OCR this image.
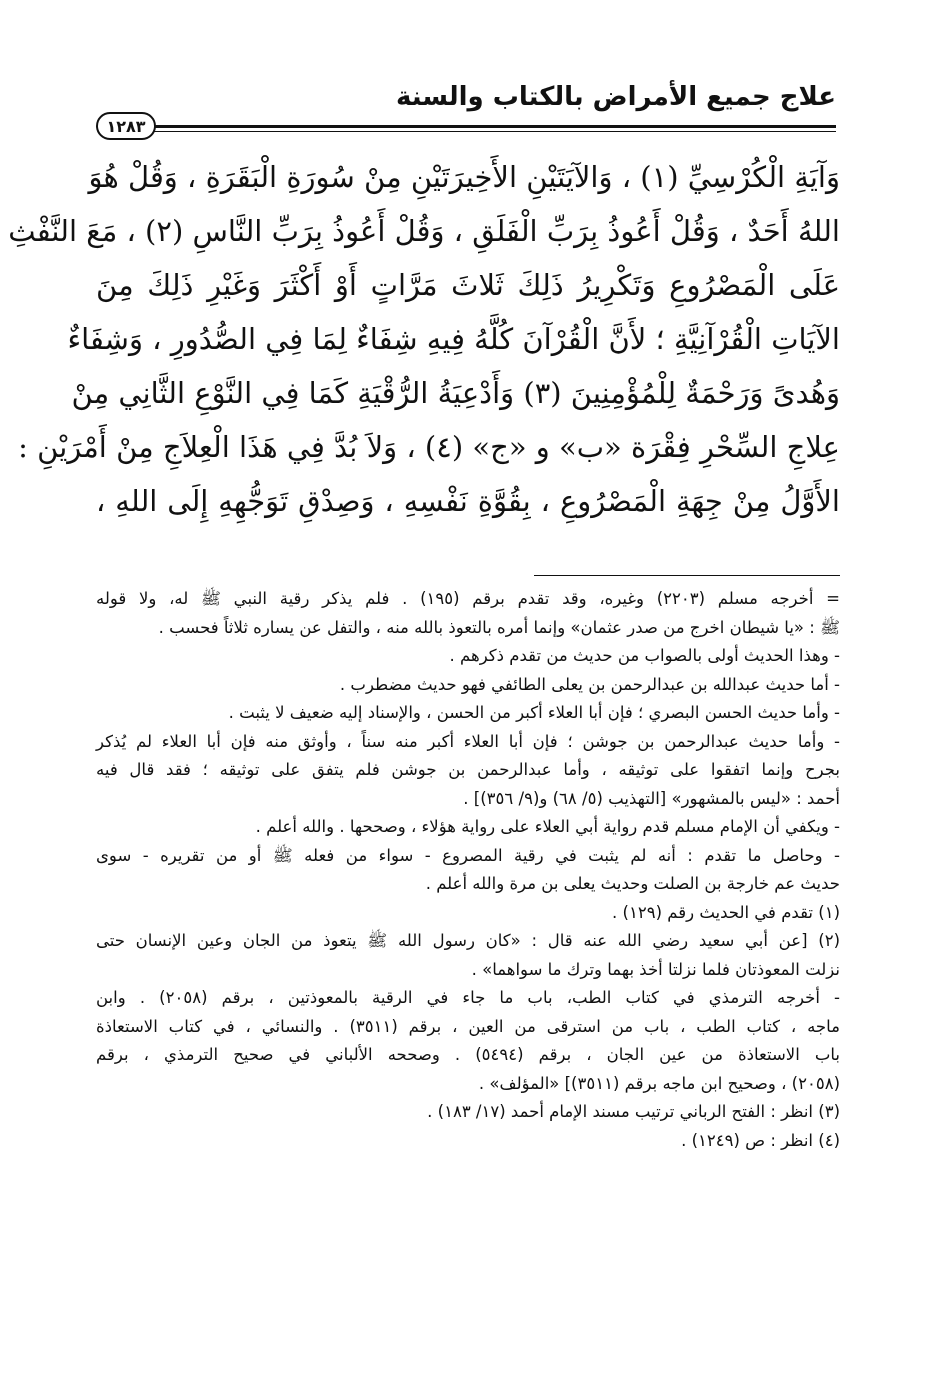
علاج جميع الأمراض بالكتاب والسنة
١٢٨٣
وَآيَةِ الْكُرْسِيِّ (١) ، وَالآيَتَيْنِ الأَخِيرَتَيْنِ مِنْ سُورَةِ الْبَقَرَةِ ، وَقُلْ هُوَ
اللهُ أَحَدٌ ، وَقُلْ أَعُوذُ بِرَبِّ الْفَلَقِ ، وَقُلْ أَعُوذُ بِرَبِّ النَّاسِ (٢) ، مَعَ النَّفْثِ
عَلَى الْمَصْرُوعِ وَتَكْرِيرُ ذَلِكَ ثَلاثَ مَرَّاتٍ أَوْ أَكْثَرَ وَغَيْرِ ذَلِكَ مِنَ
الآيَاتِ الْقُرْآنِيَّةِ ؛ لأَنَّ الْقُرْآنَ كُلَّهُ فِيهِ شِفَاءٌ لِمَا فِي الصُّدُورِ ، وَشِفَاءٌ
وَهُدىً وَرَحْمَةٌ لِلْمُؤْمِنِينَ (٣) وَأَدْعِيَةُ الرُّقْيَةِ كَمَا فِي النَّوْعِ الثَّانِي مِنْ
عِلاجِ السِّحْرِ فِقْرَة «ب» و «ج» (٤) ، وَلاَ بُدَّ فِي هَذَا الْعِلاَجِ مِنْ أَمْرَيْنِ :
الأَوَّلُ مِنْ جِهَةِ الْمَصْرُوعِ ، بِقُوَّةِ نَفْسِهِ ، وَصِدْقِ تَوَجُّهِهِ إِلَى اللهِ ،
= أخرجه مسلم (٢٢٠٣) وغيره، وقد تقدم برقم (١٩٥) . فلم يذكر رقية النبي ﷺ له، ولا قوله
ﷺ : «يا شيطان اخرج من صدر عثمان» وإنما أمره بالتعوذ بالله منه ، والتفل عن يساره ثلاثاً فحسب .
- وهذا الحديث أولى بالصواب من حديث من تقدم ذكرهم .
- أما حديث عبدالله بن عبدالرحمن بن يعلى الطائفي فهو حديث مضطرب .
- وأما حديث الحسن البصري ؛ فإن أبا العلاء أكبر من الحسن ، والإسناد إليه ضعيف لا يثبت .
- وأما حديث عبدالرحمن بن جوشن ؛ فإن أبا العلاء أكبر منه سناً ، وأوثق منه فإن أبا العلاء لم يُذكر
بجرح وإنما اتفقوا على توثيقه ، وأما عبدالرحمن بن جوشن فلم يتفق على توثيقه ؛ فقد قال فيه
أحمد : «ليس بالمشهور» [التهذيب (٥/ ٦٨) و(٩/ ٣٥٦)] .
- ويكفي أن الإمام مسلم قدم رواية أبي العلاء على رواية هؤلاء ، وصححها . والله أعلم .
- وحاصل ما تقدم : أنه لم يثبت في رقية المصروع - سواء من فعله ﷺ أو من تقريره - سوى
حديث عم خارجة بن الصلت وحديث يعلى بن مرة والله أعلم .
(١) تقدم في الحديث رقم (١٢٩) .
(٢) [عن أبي سعيد رضي الله عنه قال : «كان رسول الله ﷺ يتعوذ من الجان وعين الإنسان حتى
نزلت المعوذتان فلما نزلتا أخذ بهما وترك ما سواهما» .
- أخرجه الترمذي في كتاب الطب، باب ما جاء في الرقية بالمعوذتين ، برقم (٢٠٥٨) . وابن
ماجه ، كتاب الطب ، باب من استرقى من العين ، برقم (٣٥١١) . والنسائي ، في كتاب الاستعاذة
باب الاستعاذة من عين الجان ، برقم (٥٤٩٤) . وصححه الألباني في صحيح الترمذي ، برقم
(٢٠٥٨) ، وصحيح ابن ماجه برقم (٣٥١١)] «المؤلف» .
(٣) انظر : الفتح الرباني ترتيب مسند الإمام أحمد (١٧/ ١٨٣) .
(٤) انظر : ص (١٢٤٩) .
